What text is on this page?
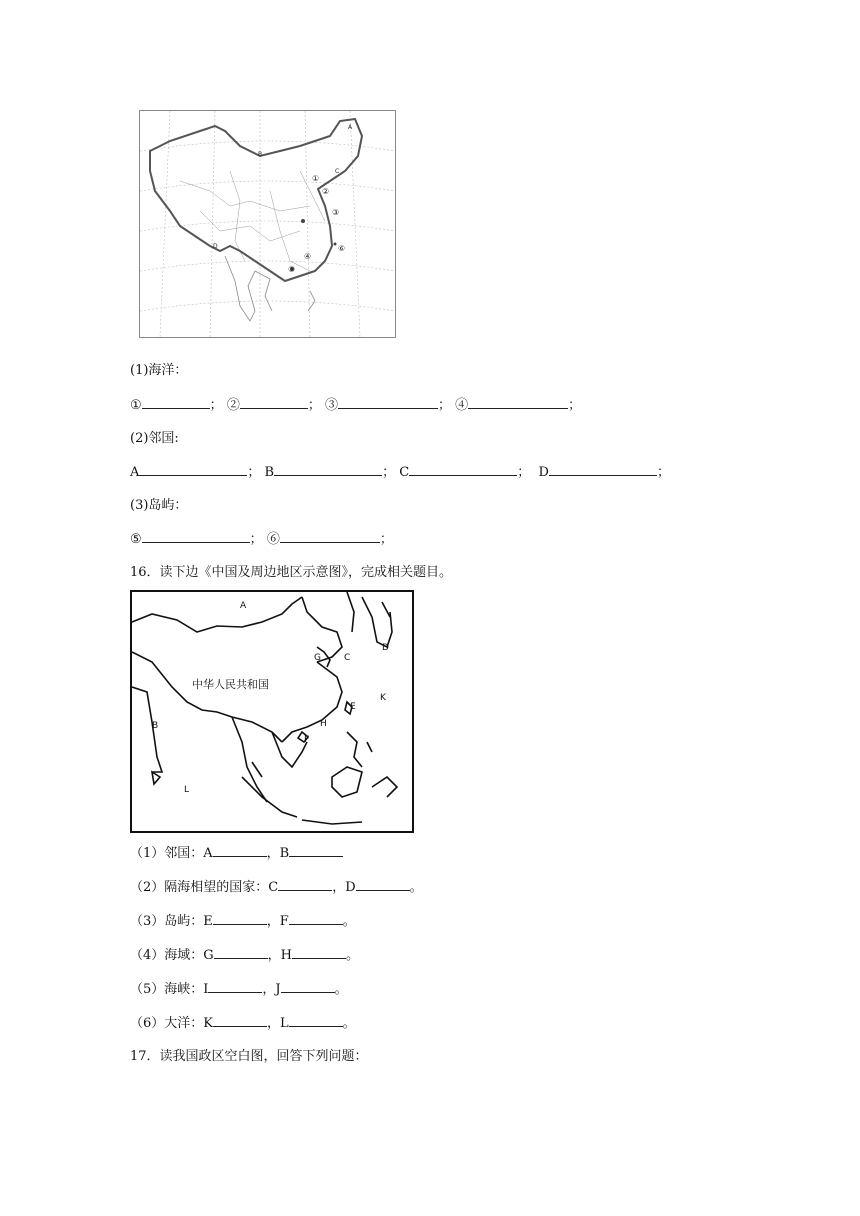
A
B
C
D
①
②
③
④
⑤
⑥
(1)海洋：
①	； ②	； ③	； ④	；
(2)邻国:
A	； B	； C	； D	；
(3)岛屿：
⑤	； ⑥	；
16．读下边《中国及周边地区示意图》，完成相关题目。
A
B
C
D
E
F
G
H
K
L
中华人民共和国
（1）邻国：A	，B
（2）隔海相望的国家：C	，D	。
（3）岛屿：E	，F	。
（4）海域：G	，H	。
（5）海峡：I	，J	。
（6）大洋：K	，L	。
17．读我国政区空白图，回答下列问题：
